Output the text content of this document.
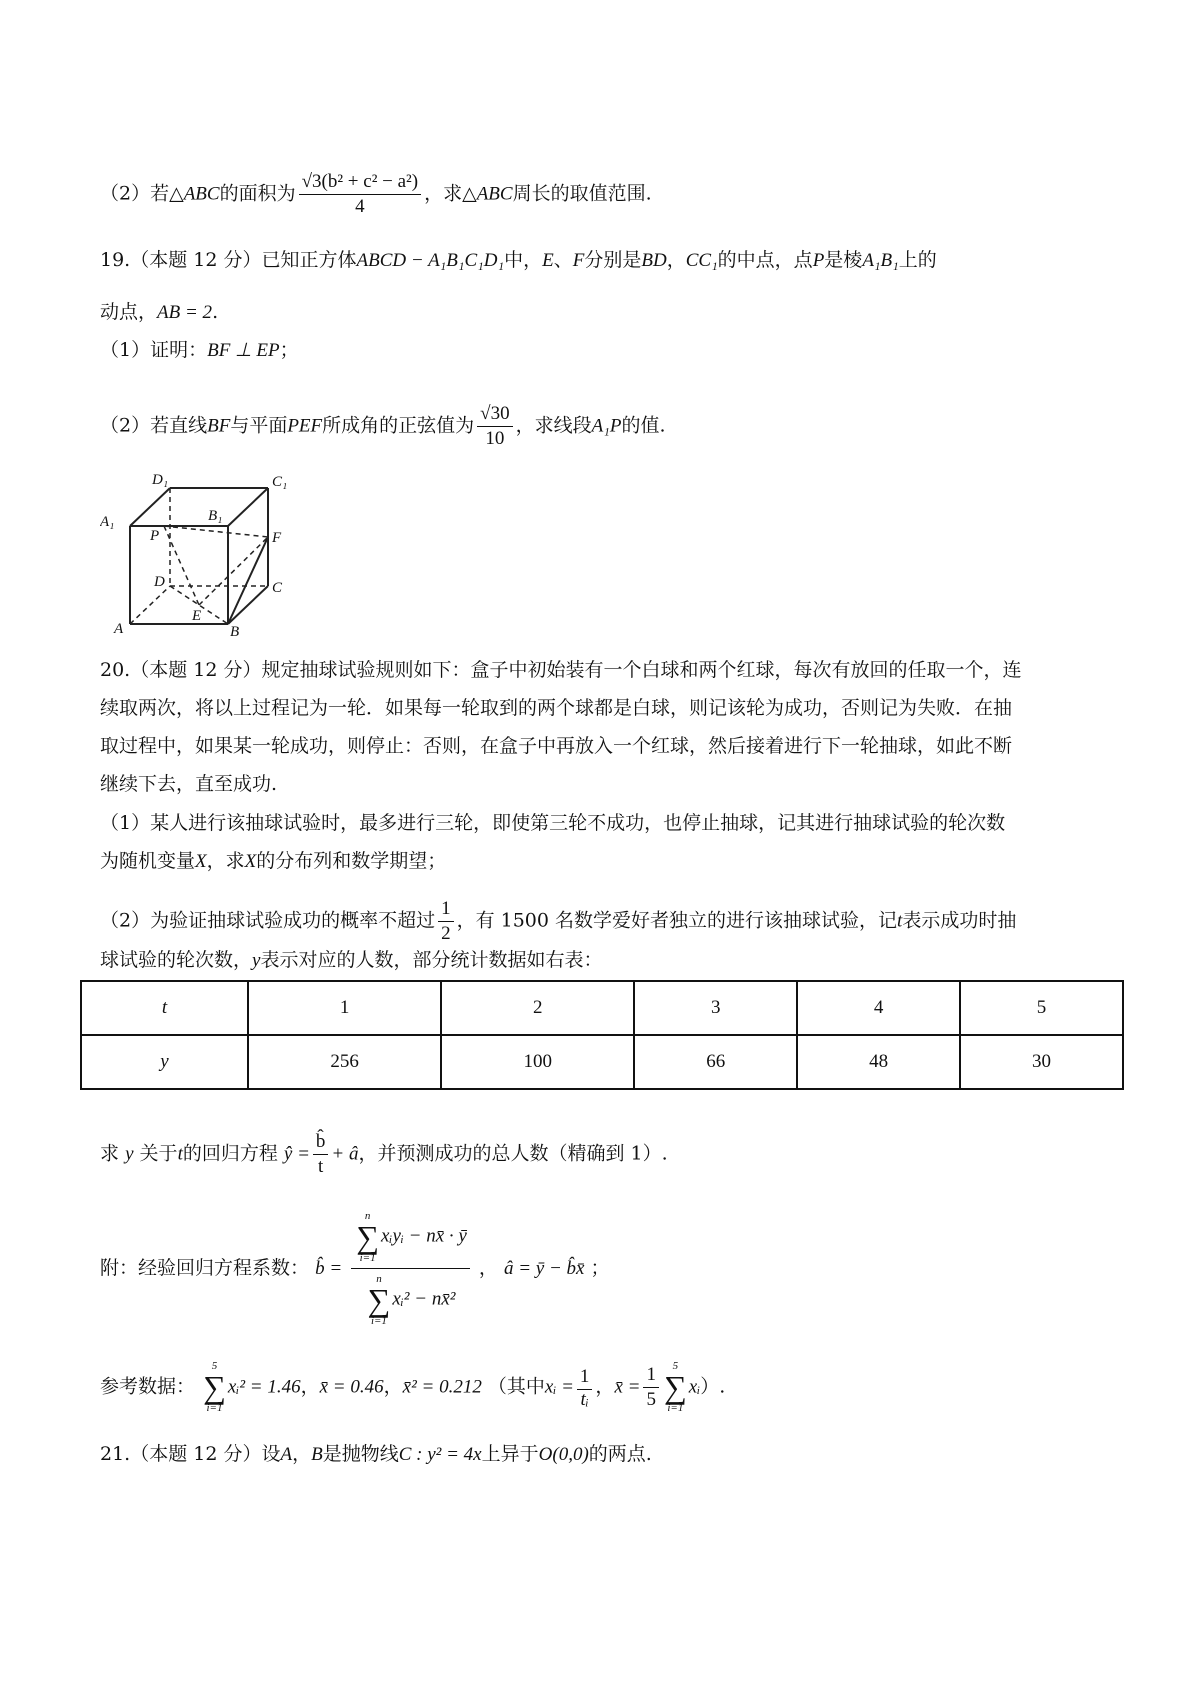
（2）若△ABC的面积为 $\frac{\text{√3(b² + c² − a²)}}{4}$ ，求△ABC周长的取值范围.
19.（本题 12 分）已知正方体ABCD − A₁B₁C₁D₁中，E、F分别是BD，CC₁的中点，点P是棱A₁B₁上的
动点，AB = 2.
（1）证明：BF ⊥ EP；
（2）若直线BF与平面PEF所成角的正弦值为 $\frac{√30}{10}$ ，求线段A₁P的值.
D₁	C₁
A₁	B₁
P	F
D	C
E
A	B
20.（本题 12 分）规定抽球试验规则如下：盒子中初始装有一个白球和两个红球，每次有放回的任取一个，连
续取两次，将以上过程记为一轮．如果每一轮取到的两个球都是白球，则记该轮为成功，否则记为失败．在抽
取过程中，如果某一轮成功，则停止：否则，在盒子中再放入一个红球，然后接着进行下一轮抽球，如此不断
继续下去，直至成功.
（1）某人进行该抽球试验时，最多进行三轮，即使第三轮不成功，也停止抽球，记其进行抽球试验的轮次数
为随机变量X，求X的分布列和数学期望；
（2）为验证抽球试验成功的概率不超过 $\frac{1}{2}$ ，有 1500 名数学爱好者独立的进行该抽球试验，记t表示成功时抽
球试验的轮次数，y表示对应的人数，部分统计数据如右表：
t	1	2	3	4	5
y	256	100	66	48	30
求 y 关于t的回归方程 ŷ = $\frac{b̂}{t}$ + â，并预测成功的总人数（精确到 1）.
附：经验回归方程系数： b̂ = n
∑
i=1
xᵢyᵢ − nx̄ · ȳ
n
∑
i=1
xᵢ² − nx̄² ， â = ȳ − b̂x̄ ；
参考数据：
5
∑
i=1
xᵢ² = 1.46，x̄ = 0.46，x̄² = 0.212 （其中xᵢ = $\frac{1}{\text{tᵢ}}$ ，x̄ = $\frac{1}{5}$	5
∑
i=1
xᵢ）.
21.（本题 12 分）设A，B是抛物线C : y² = 4x上异于O(0,0)的两点.
